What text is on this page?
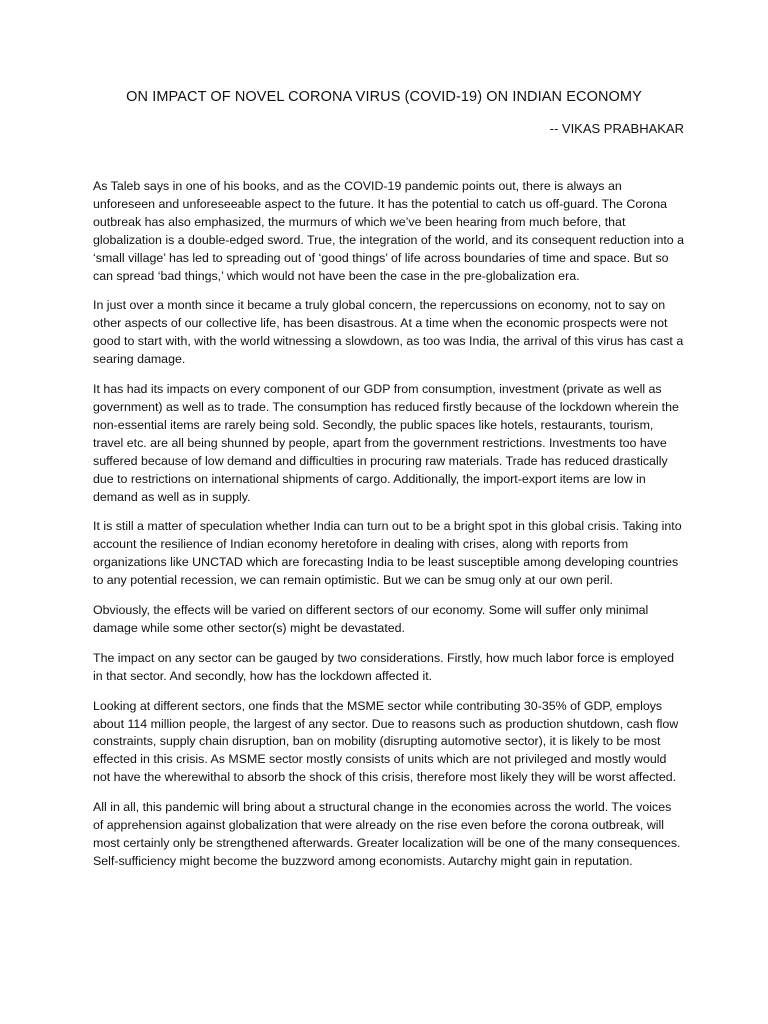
ON IMPACT OF NOVEL CORONA VIRUS (COVID-19) ON INDIAN ECONOMY

-- VIKAS PRABHAKAR

As Taleb says in one of his books, and as the COVID-19 pandemic points out, there is always an unforeseen and unforeseeable aspect to the future. It has the potential to catch us off-guard. The Corona outbreak has also emphasized, the murmurs of which we’ve been hearing from much before, that globalization is a double-edged sword. True, the integration of the world, and its consequent reduction into a ‘small village’ has led to spreading out of ‘good things’ of life across boundaries of time and space. But so can spread ‘bad things,’ which would not have been the case in the pre-globalization era.

In just over a month since it became a truly global concern, the repercussions on economy, not to say on other aspects of our collective life, has been disastrous. At a time when the economic prospects were not good to start with, with the world witnessing a slowdown, as too was India, the arrival of this virus has cast a searing damage.

It has had its impacts on every component of our GDP from consumption, investment (private as well as government) as well as to trade. The consumption has reduced firstly because of the lockdown wherein the non-essential items are rarely being sold. Secondly, the public spaces like hotels, restaurants, tourism, travel etc. are all being shunned by people, apart from the government restrictions. Investments too have suffered because of low demand and difficulties in procuring raw materials. Trade has reduced drastically due to restrictions on international shipments of cargo. Additionally, the import-export items are low in demand as well as in supply.

It is still a matter of speculation whether India can turn out to be a bright spot in this global crisis. Taking into account the resilience of Indian economy heretofore in dealing with crises, along with reports from organizations like UNCTAD which are forecasting India to be least susceptible among developing countries to any potential recession, we can remain optimistic. But we can be smug only at our own peril.

Obviously, the effects will be varied on different sectors of our economy. Some will suffer only minimal damage while some other sector(s) might be devastated.

The impact on any sector can be gauged by two considerations. Firstly, how much labor force is employed in that sector. And secondly, how has the lockdown affected it.

Looking at different sectors, one finds that the MSME sector while contributing 30-35% of GDP, employs about 114 million people, the largest of any sector. Due to reasons such as production shutdown, cash flow constraints, supply chain disruption, ban on mobility (disrupting automotive sector), it is likely to be most effected in this crisis. As MSME sector mostly consists of units which are not privileged and mostly would not have the wherewithal to absorb the shock of this crisis, therefore most likely they will be worst affected.

All in all, this pandemic will bring about a structural change in the economies across the world. The voices of apprehension against globalization that were already on the rise even before the corona outbreak, will most certainly only be strengthened afterwards. Greater localization will be one of the many consequences. Self-sufficiency might become the buzzword among economists. Autarchy might gain in reputation.
